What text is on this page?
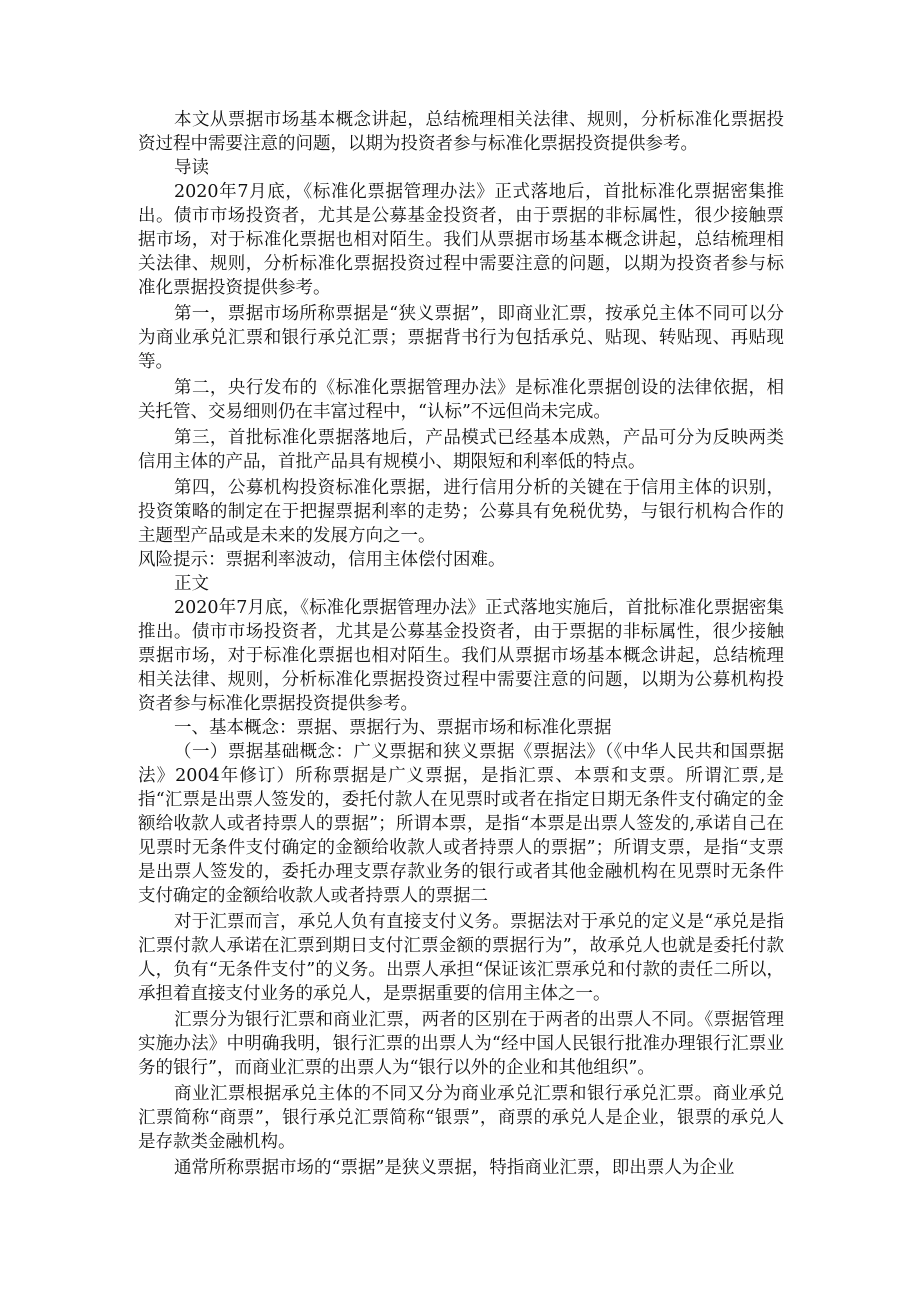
本文从票据市场基本概念讲起，总结梳理相关法律、规则，分析标准化票据投资过程中需要注意的问题，以期为投资者参与标准化票据投资提供参考。

导读

2020年7月底，《标准化票据管理办法》正式落地后，首批标准化票据密集推出。债市市场投资者，尤其是公募基金投资者，由于票据的非标属性，很少接触票据市场，对于标准化票据也相对陌生。我们从票据市场基本概念讲起，总结梳理相关法律、规则，分析标准化票据投资过程中需要注意的问题，以期为投资者参与标准化票据投资提供参考。

第一，票据市场所称票据是“狭义票据”，即商业汇票，按承兑主体不同可以分为商业承兑汇票和银行承兑汇票；票据背书行为包括承兑、贴现、转贴现、再贴现等。

第二，央行发布的《标准化票据管理办法》是标准化票据创设的法律依据，相关托管、交易细则仍在丰富过程中，“认标”不远但尚未完成。

第三，首批标准化票据落地后，产品模式已经基本成熟，产品可分为反映两类信用主体的产品，首批产品具有规模小、期限短和利率低的特点。

第四，公募机构投资标准化票据，进行信用分析的关键在于信用主体的识别，投资策略的制定在于把握票据利率的走势；公募具有免税优势，与银行机构合作的主题型产品或是未来的发展方向之一。

风险提示：票据利率波动，信用主体偿付困难。

正文

2020年7月底，《标准化票据管理办法》正式落地实施后，首批标准化票据密集推出。债市市场投资者，尤其是公募基金投资者，由于票据的非标属性，很少接触票据市场，对于标准化票据也相对陌生。我们从票据市场基本概念讲起，总结梳理相关法律、规则，分析标准化票据投资过程中需要注意的问题，以期为公募机构投资者参与标准化票据投资提供参考。

一、基本概念：票据、票据行为、票据市场和标准化票据

（一）票据基础概念：广义票据和狭义票据《票据法》（《中华人民共和国票据法》2004年修订）所称票据是广义票据，是指汇票、本票和支票。所谓汇票,是指“汇票是出票人签发的，委托付款人在见票时或者在指定日期无条件支付确定的金额给收款人或者持票人的票据”；所谓本票，是指“本票是出票人签发的,承诺自己在见票时无条件支付确定的金额给收款人或者持票人的票据”；所谓支票，是指“支票是出票人签发的，委托办理支票存款业务的银行或者其他金融机构在见票时无条件支付确定的金额给收款人或者持票人的票据二

对于汇票而言，承兑人负有直接支付义务。票据法对于承兑的定义是“承兑是指汇票付款人承诺在汇票到期日支付汇票金额的票据行为”，故承兑人也就是委托付款人，负有“无条件支付”的义务。出票人承担“保证该汇票承兑和付款的责任二所以，承担着直接支付业务的承兑人，是票据重要的信用主体之一。

汇票分为银行汇票和商业汇票，两者的区别在于两者的出票人不同。《票据管理实施办法》中明确我明，银行汇票的出票人为“经中国人民银行批准办理银行汇票业务的银行”，而商业汇票的出票人为“银行以外的企业和其他组织”。

商业汇票根据承兑主体的不同又分为商业承兑汇票和银行承兑汇票。商业承兑汇票简称“商票”，银行承兑汇票简称“银票”，商票的承兑人是企业，银票的承兑人是存款类金融机构。

通常所称票据市场的“票据”是狭义票据，特指商业汇票，即出票人为企业
